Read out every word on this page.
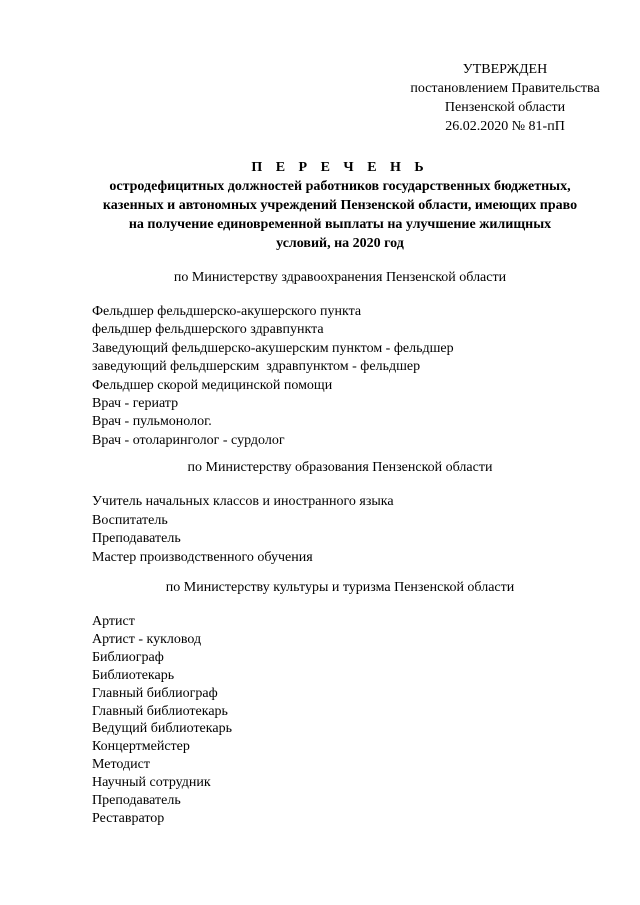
УТВЕРЖДЕН
постановлением Правительства
Пензенской области
26.02.2020 № 81-пП
П Е Р Е Ч Е Н Ь
остродефицитных должностей работников государственных бюджетных,
казенных и автономных учреждений Пензенской области, имеющих право
на получение единовременной выплаты на улучшение жилищных
условий, на 2020 год
по Министерству здравоохранения Пензенской области
Фельдшер фельдшерско-акушерского пункта
фельдшер фельдшерского здравпункта
Заведующий фельдшерско-акушерским пунктом - фельдшер
заведующий фельдшерским  здравпунктом - фельдшер
Фельдшер скорой медицинской помощи
Врач - гериатр
Врач - пульмонолог.
Врач - отоларинголог - сурдолог
по Министерству образования Пензенской области
Учитель начальных классов и иностранного языка
Воспитатель
Преподаватель
Мастер производственного обучения
по Министерству культуры и туризма Пензенской области
Артист
Артист - кукловод
Библиограф
Библиотекарь
Главный библиограф
Главный библиотекарь
Ведущий библиотекарь
Концертмейстер
Методист
Научный сотрудник
Преподаватель
Реставратор
